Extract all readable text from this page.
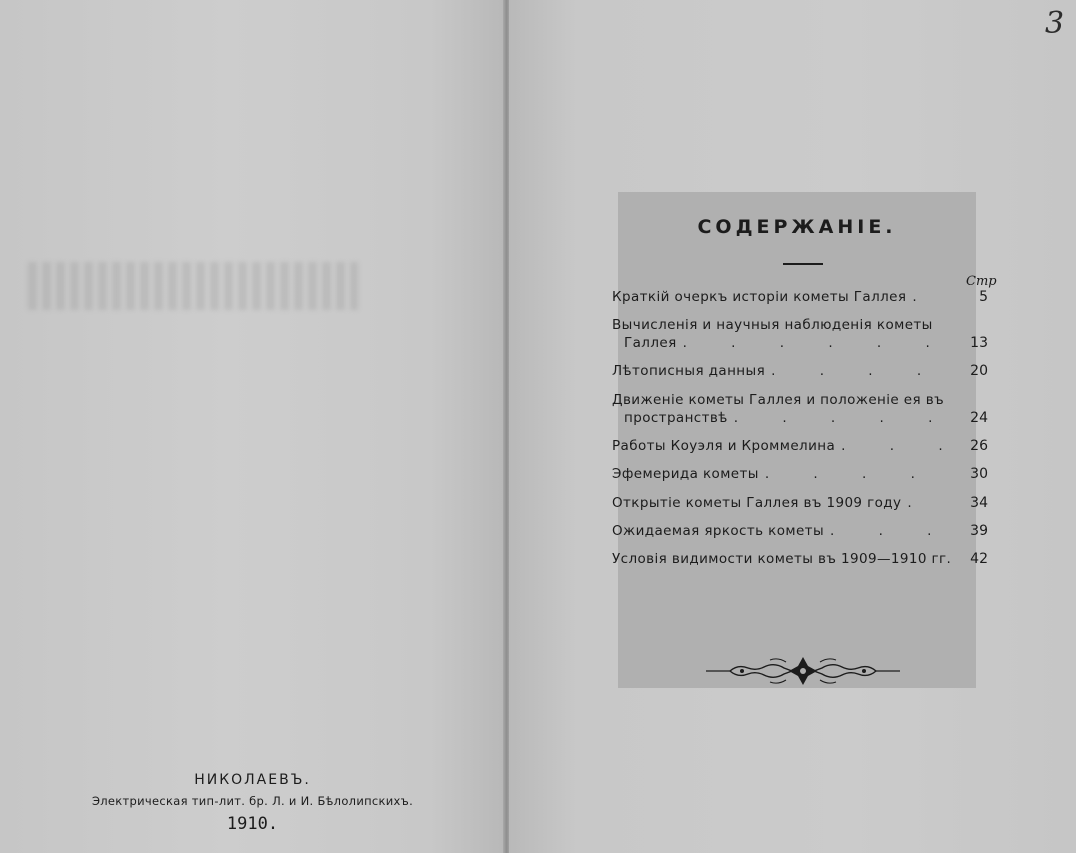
НИКОЛАЕВЪ.

Электрическая тип-лит. бр. Л. и И. Бѣлолипскихъ.

1910.

3
СОДЕРЖАНIЕ.
Стр

Краткiй очеркъ исторiи кометы Галлея .	5

Вычисленiя и научныя наблюденiя кометы

Галлея . . . . . .	13

Лѣтописныя данныя . . . .	20

Движенiе кометы Галлея и положенiе ея въ

пространствѣ . . . . .	24

Работы Коуэля и Кроммелина . . . 26

Эфемерида кометы . . . .	30

Открытiе кометы Галлея въ 1909 году .	34

Ожидаемая яркость кометы . . .	39

Условiя видимости кометы въ 1909—1910 гг.	42
